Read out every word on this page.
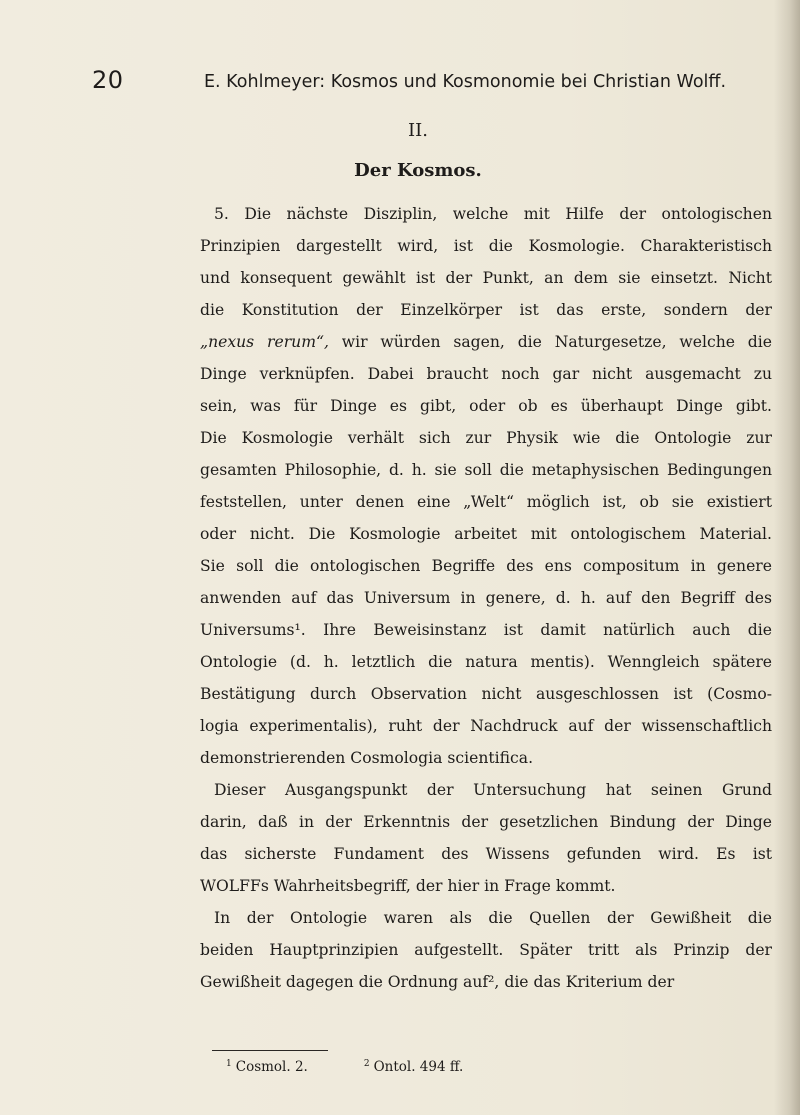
20	E. Kohlmeyer: Kosmos und Kosmonomie bei Christian Wolff.
II.
Der Kosmos.
5. Die nächste Disziplin, welche mit Hilfe der ontologischen
Prinzipien dargestellt wird, ist die Kosmologie. Charakteristisch
und konsequent gewählt ist der Punkt, an dem sie einsetzt. Nicht
die Konstitution der Einzelkörper ist das erste, sondern der
„nexus rerum“, wir würden sagen, die Naturgesetze, welche die
Dinge verknüpfen. Dabei braucht noch gar nicht ausgemacht zu
sein, was für Dinge es gibt, oder ob es überhaupt Dinge gibt.
Die Kosmologie verhält sich zur Physik wie die Ontologie zur
gesamten Philosophie, d. h. sie soll die metaphysischen Bedingungen
feststellen, unter denen eine „Welt“ möglich ist, ob sie existiert
oder nicht. Die Kosmologie arbeitet mit ontologischem Material.
Sie soll die ontologischen Begriffe des ens compositum in genere
anwenden auf das Universum in genere, d. h. auf den Begriff des
Universums¹. Ihre Beweisinstanz ist damit natürlich auch die
Ontologie (d. h. letztlich die natura mentis). Wenngleich spätere
Bestätigung durch Observation nicht ausgeschlossen ist (Cosmo-
logia experimentalis), ruht der Nachdruck auf der wissenschaftlich
demonstrierenden Cosmologia scientifica.
Dieser Ausgangspunkt der Untersuchung hat seinen Grund
darin, daß in der Erkenntnis der gesetzlichen Bindung der Dinge
das sicherste Fundament des Wissens gefunden wird. Es ist
WOLFFs Wahrheitsbegriff, der hier in Frage kommt.
In der Ontologie waren als die Quellen der Gewißheit die
beiden Hauptprinzipien aufgestellt. Später tritt als Prinzip der
Gewißheit dagegen die Ordnung auf², die das Kriterium der
$^1$ Cosmol. 2.	$^2$ Ontol. 494 ff.
